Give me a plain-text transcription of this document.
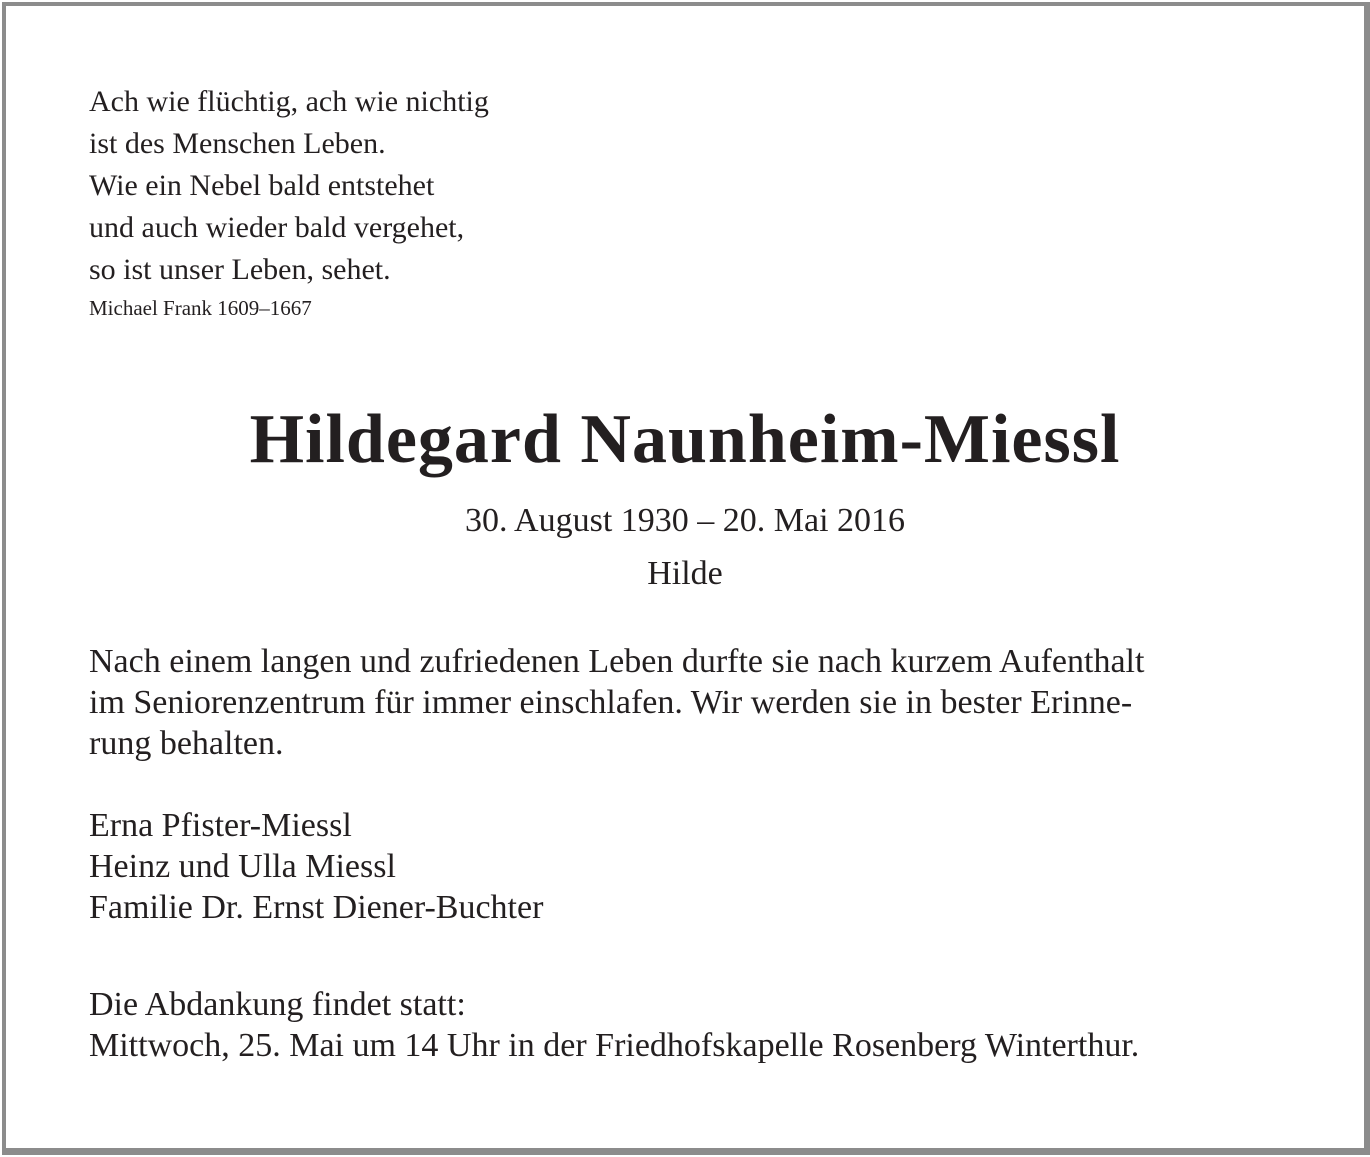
Ach wie flüchtig, ach wie nichtig
ist des Menschen Leben.
Wie ein Nebel bald entstehet
und auch wieder bald vergehet,
so ist unser Leben, sehet.
Michael Frank 1609–1667
Hildegard Naunheim-Miessl
30. August 1930 – 20. Mai 2016
Hilde
Nach einem langen und zufriedenen Leben durfte sie nach kurzem Aufenthalt
im Seniorenzentrum für immer einschlafen. Wir werden sie in bester Erinne-
rung behalten.
Erna Pfister-Miessl
Heinz und Ulla Miessl
Familie Dr. Ernst Diener-Buchter
Die Abdankung findet statt:
Mittwoch, 25. Mai um 14 Uhr in der Friedhofskapelle Rosenberg Winterthur.
